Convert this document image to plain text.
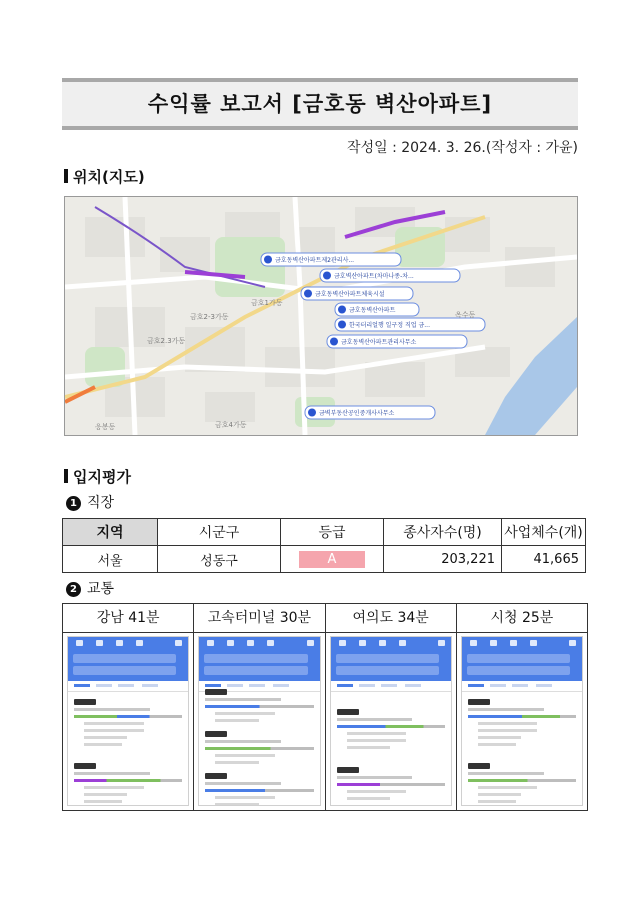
수익률 보고서 [금호동 벽산아파트]
작성일 : 2024. 3. 26.(작성자 : 가윤)
위치(지도)
금호동벽산아파트제2관리사...
금호벽산아파트(차마나종-차...
금호동벽산아파트체육시설
금호동벽산아파트
한국터리얼행 일구정 직업 금...
금호동벽산아파트관리사무소
금벽부동산공인중개사사무소
금호1가동
금호2-3가동
금호2.3가동
금호4가동
옥수동
응봉동
입지평가
1 직장
지역	시군구	등급	종사자수(명)	사업체수(개)
서울	성동구	A	203,221	41,665
2 교통
강남 41분	고속터미널 30분	여의도 34분	시청 25분
